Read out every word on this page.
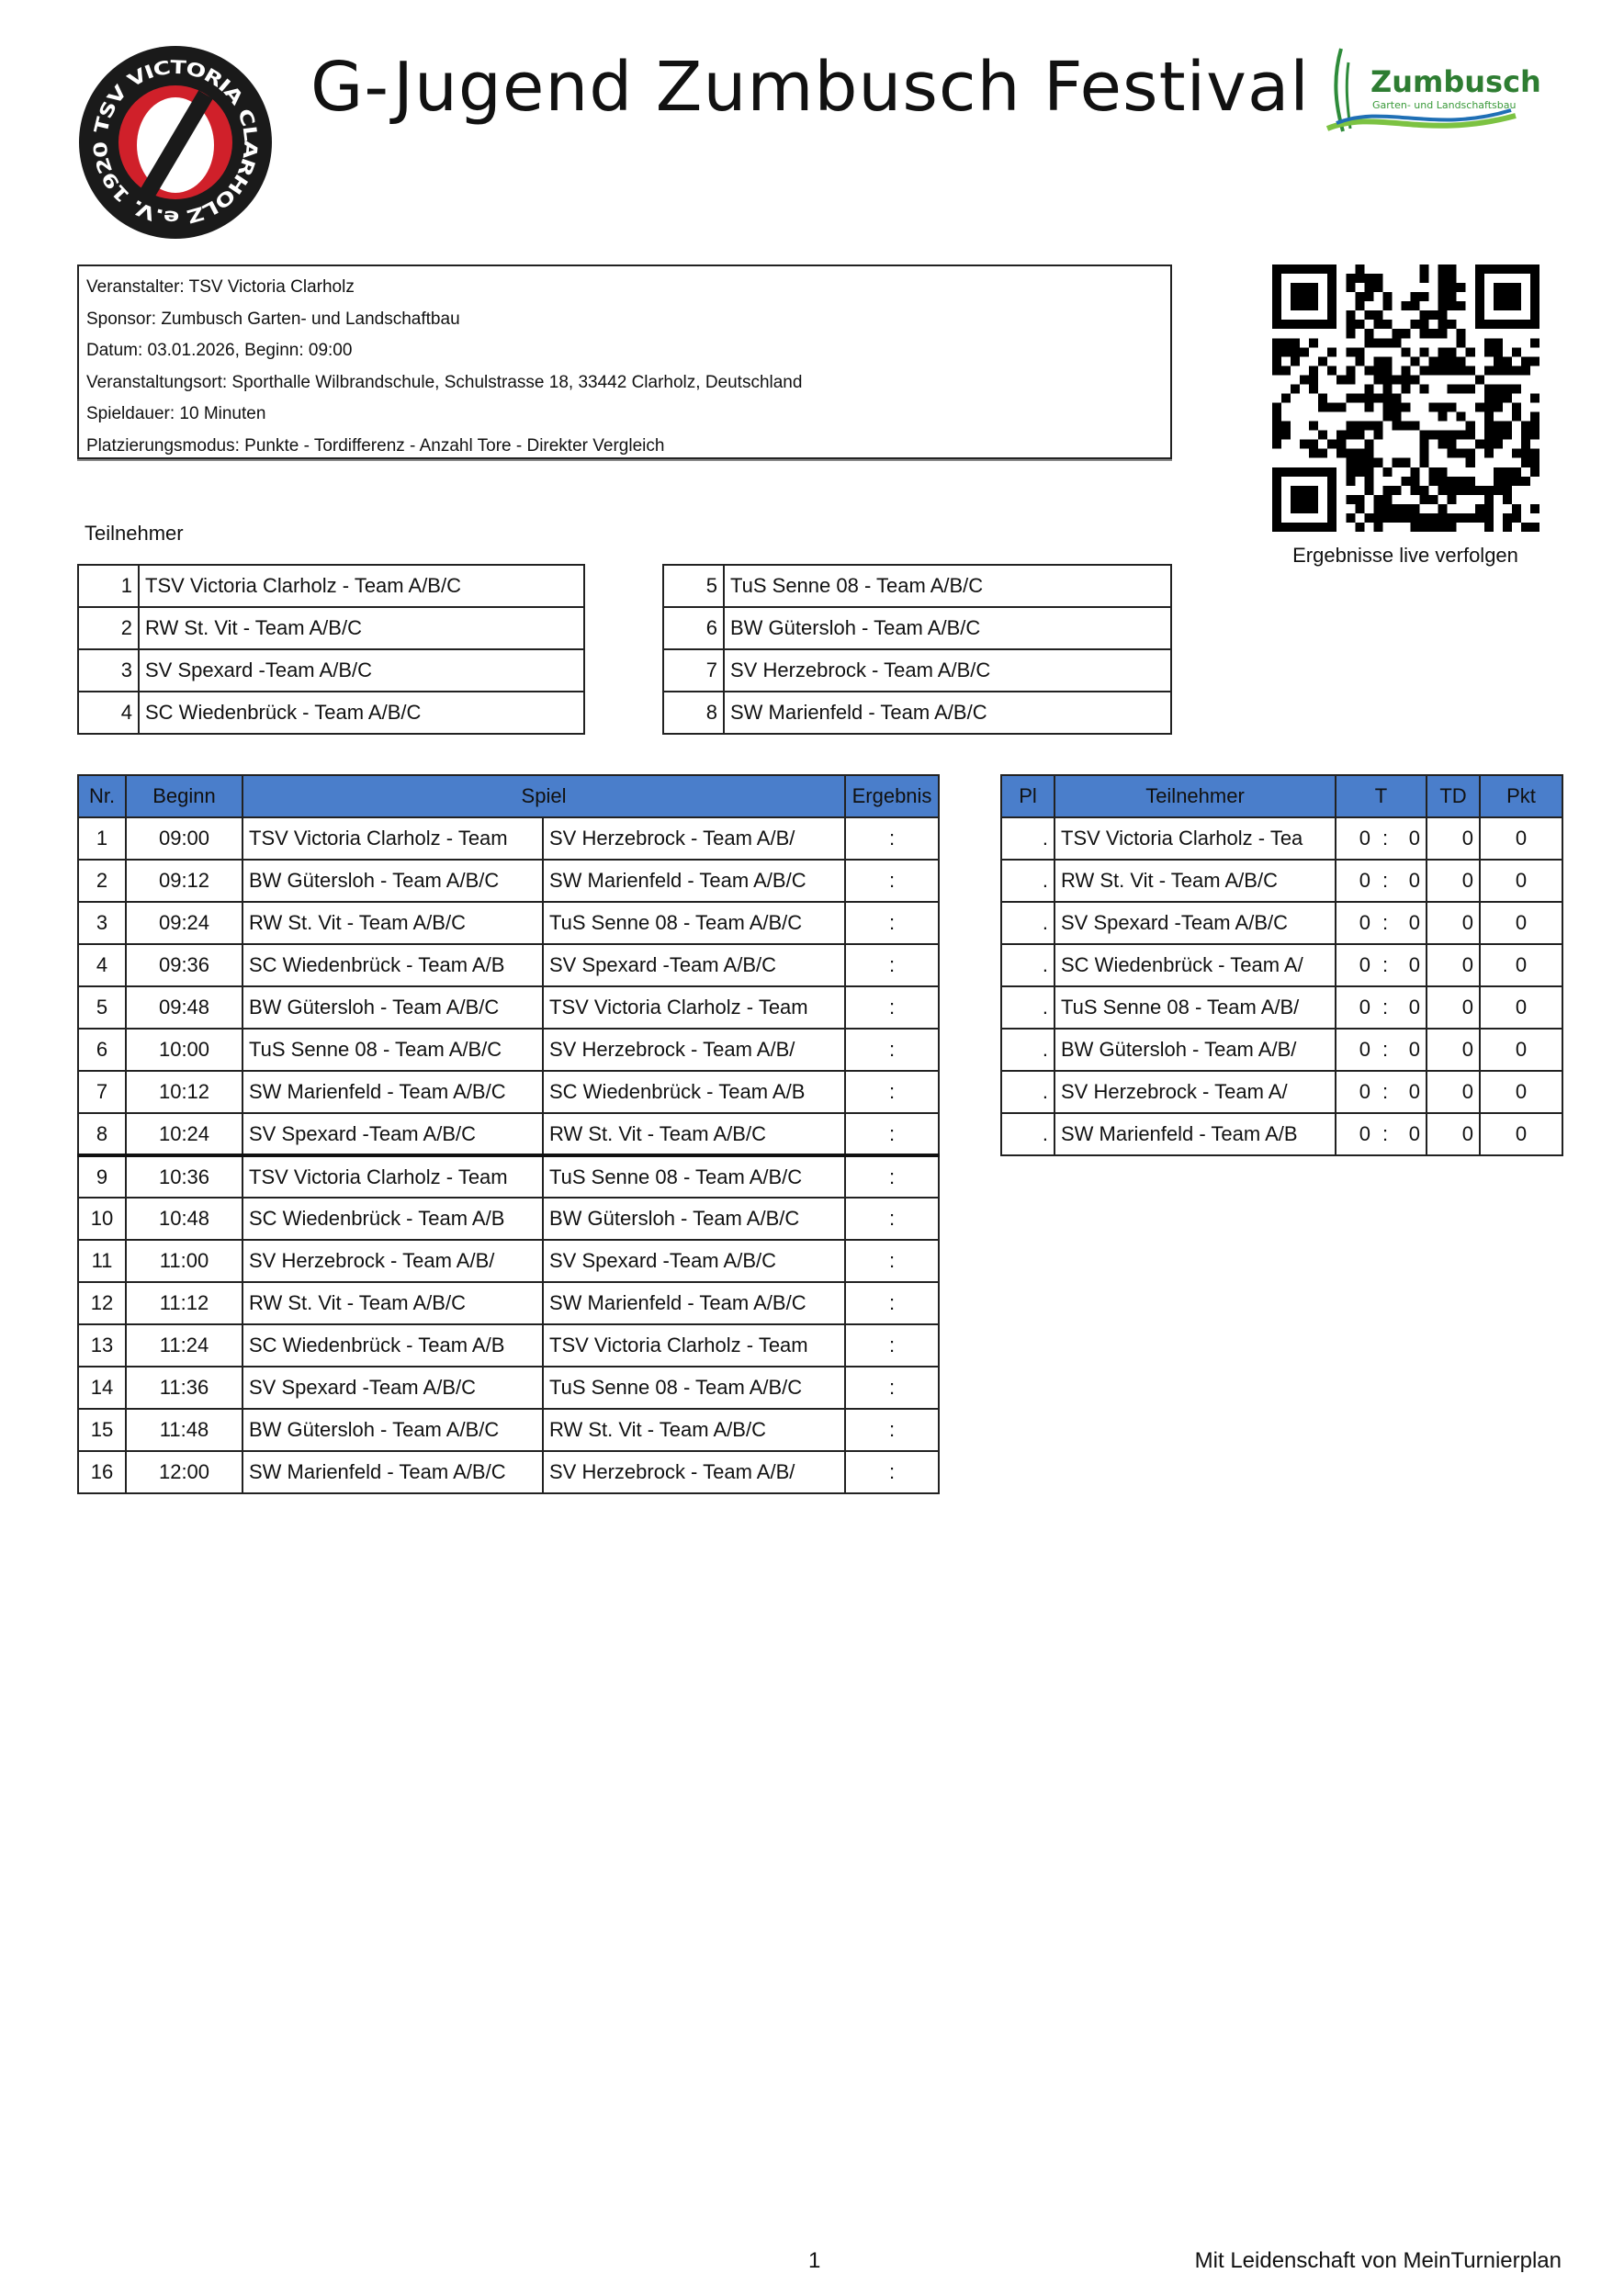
TSV VICTORIA CLARHOLZ e.V. 1920
G-Jugend Zumbusch Festival Zumbusch
Garten- und Landschaftsbau
Veranstalter: TSV Victoria Clarholz
Sponsor: Zumbusch Garten- und Landschaftbau
Datum: 03.01.2026, Beginn: 09:00
Veranstaltungsort: Sporthalle Wilbrandschule, Schulstrasse 18, 33442 Clarholz, Deutschland
Spieldauer: 10 Minuten
Platzierungsmodus: Punkte - Tordifferenz - Anzahl Tore - Direkter Vergleich
Ergebnisse live verfolgen
Teilnehmer
1	TSV Victoria Clarholz - Team A/B/C
2	RW St. Vit - Team A/B/C
3	SV Spexard -Team A/B/C
4	SC Wiedenbrück - Team A/B/C
5	TuS Senne 08 - Team A/B/C
6	BW Gütersloh - Team A/B/C
7	SV Herzebrock - Team A/B/C
8	SW Marienfeld - Team A/B/C
Nr.	Beginn	Spiel		Ergebnis
1	09:00	TSV Victoria Clarholz - Team	SV Herzebrock - Team A/B/	:
2	09:12	BW Gütersloh - Team A/B/C	SW Marienfeld - Team A/B/C	:
3	09:24	RW St. Vit - Team A/B/C	TuS Senne 08 - Team A/B/C	:
4	09:36	SC Wiedenbrück - Team A/B	SV Spexard -Team A/B/C	:
5	09:48	BW Gütersloh - Team A/B/C	TSV Victoria Clarholz - Team	:
6	10:00	TuS Senne 08 - Team A/B/C	SV Herzebrock - Team A/B/	:
7	10:12	SW Marienfeld - Team A/B/C	SC Wiedenbrück - Team A/B	:
8	10:24	SV Spexard -Team A/B/C	RW St. Vit - Team A/B/C	:
9	10:36	TSV Victoria Clarholz - Team	TuS Senne 08 - Team A/B/C	:
10	10:48	SC Wiedenbrück - Team A/B	BW Gütersloh - Team A/B/C	:
11	11:00	SV Herzebrock - Team A/B/	SV Spexard -Team A/B/C	:
12	11:12	RW St. Vit - Team A/B/C	SW Marienfeld - Team A/B/C	:
13	11:24	SC Wiedenbrück - Team A/B	TSV Victoria Clarholz - Team	:
14	11:36	SV Spexard -Team A/B/C	TuS Senne 08 - Team A/B/C	:
15	11:48	BW Gütersloh - Team A/B/C	RW St. Vit - Team A/B/C	:
16	12:00	SW Marienfeld - Team A/B/C	SV Herzebrock - Team A/B/	:
Pl	Teilnehmer	T			TD	Pkt
.	TSV Victoria Clarholz - Tea	0	:	0	0	0
.	RW St. Vit - Team A/B/C	0	:	0	0	0
.	SV Spexard -Team A/B/C	0	:	0	0	0
.	SC Wiedenbrück - Team A/	0	:	0	0	0
.	TuS Senne 08 - Team A/B/	0	:	0	0	0
.	BW Gütersloh - Team A/B/	0	:	0	0	0
.	SV Herzebrock - Team A/	0	:	0	0	0
.	SW Marienfeld - Team A/B	0	:	0	0	0
1	Mit Leidenschaft von MeinTurnierplan
